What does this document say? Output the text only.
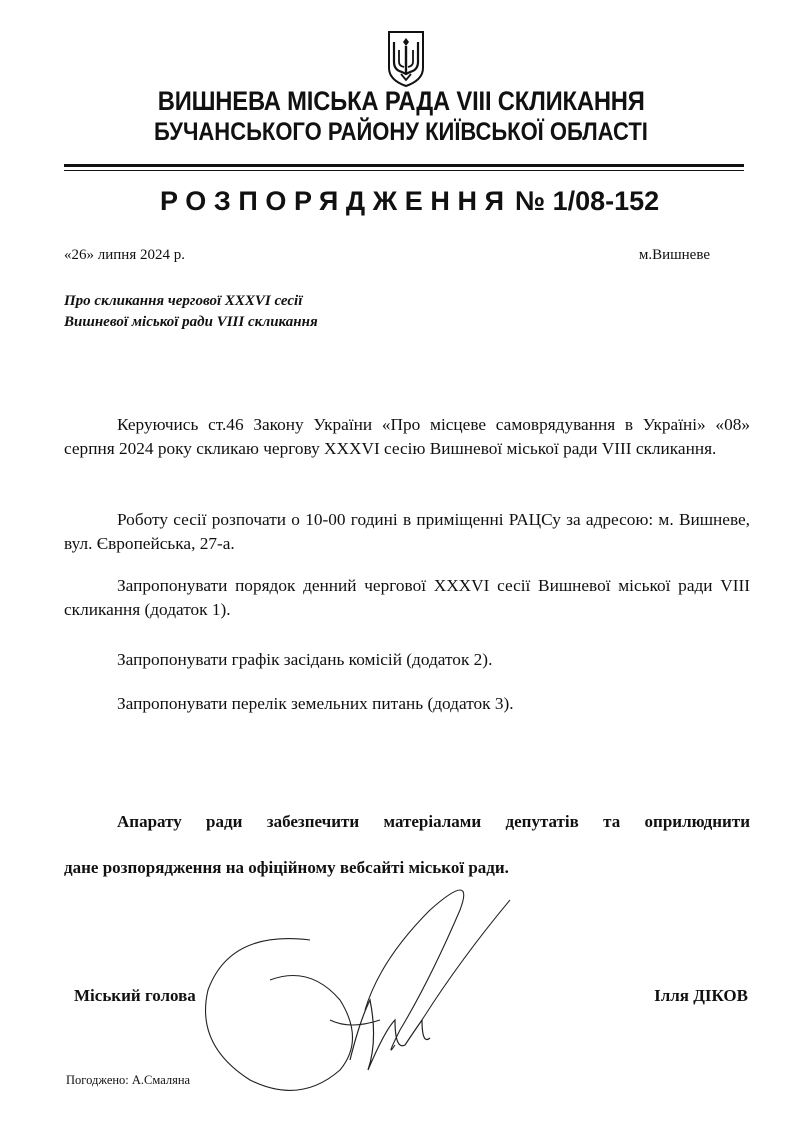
ВИШНЕВА МІСЬКА РАДА VIII СКЛИКАННЯ
БУЧАНСЬКОГО РАЙОНУ КИЇВСЬКОЇ ОБЛАСТІ
РОЗПОРЯДЖЕННЯ № 1/08-152
«26» липня 2024 р.	м.Вишневе
Про скликання чергової XXXVI сесії
Вишневої міської ради VIII скликання
Керуючись ст.46 Закону України «Про місцеве самоврядування в Україні» «08» серпня 2024 року скликаю чергову XXXVI сесію Вишневої міської ради VIII скликання.
Роботу сесії розпочати о 10-00 годині в приміщенні РАЦСу за адресою: м. Вишневе, вул. Європейська, 27-а.
Запропонувати порядок денний чергової XXXVI сесії Вишневої міської ради VIII скликання (додаток 1).
Запропонувати графік засідань комісій (додаток 2).
Запропонувати перелік земельних питань (додаток 3).
Апарату ради забезпечити матеріалами депутатів та оприлюднити
дане розпорядження на офіційному вебсайті міської ради.
Міський голова	Ілля ДІКОВ
Погоджено: А.Смаляна
